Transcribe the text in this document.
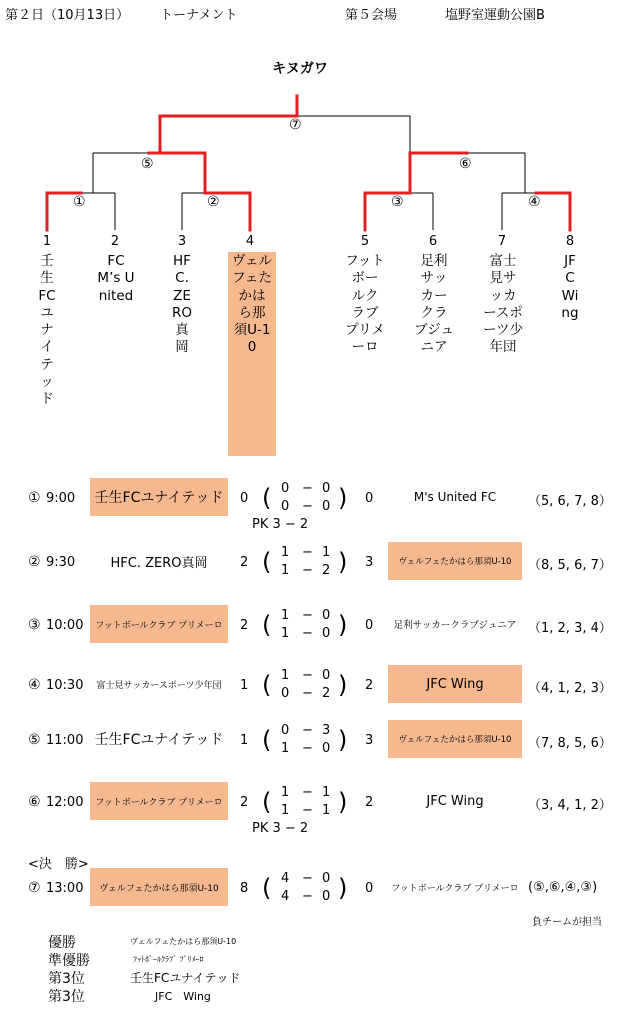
第２日（10月13日） トーナメント	第５会場	塩野室運動公園B
キヌガワ
①	②	③	④
⑤	⑥
⑦
1	2	3	4	5	6	7	8
壬生FCユナイテッド
FC　M’s United
HFC.ZERO真岡
ヴェルフェたかはら那須U-10
フットボールクラブ プリメーロ
足利サッカークラブジュニア
富士見サッカースポーツ少年団
JFC Wing
① 9:00	壬生FCユナイテッド	0 ( 0 − 0
0 − 0 ) 0	M's United FC	（5, 6, 7, 8）
PK 3 − 2
② 9:30	HFC. ZERO真岡	2 ( 1 − 1
1 − 2 ) 3	ヴェルフェたかはら那須U-10	（8, 5, 6, 7）
③ 10:00	フットボールクラブ プリメーロ	2 ( 1 − 0
1 − 0 ) 0	足利サッカークラブジュニア （1, 2, 3, 4）
④ 10:30	富士見サッカースポーツ少年団	1 ( 1 − 0
0 − 2 ) 2	JFC Wing	（4, 1, 2, 3）
⑤ 11:00 壬生FCユナイテッド	1 ( 0 − 3
1 − 0 ) 3	ヴェルフェたかはら那須U-10	（7, 8, 5, 6）
⑥ 12:00	フットボールクラブ プリメーロ	2 ( 1 − 1
1 − 1 ) 2	JFC Wing	（3, 4, 1, 2）
PK 3 − 2
⑦ 13:00	ヴェルフェたかはら那須U-10	8 ( 4 − 0
4 − 0 ) 0	フットボールクラブ プリメーロ (⑤,⑥,④,③)
<決　勝>
負チームが担当
優勝	ヴェルフェたかはら那須U-10
準優勝	ﾌｯﾄﾎﾞｰﾙｸﾗﾌﾞ ﾌﾟﾘﾒｰﾛ
第3位	壬生FCユナイテッド
第3位	JFC　Wing
